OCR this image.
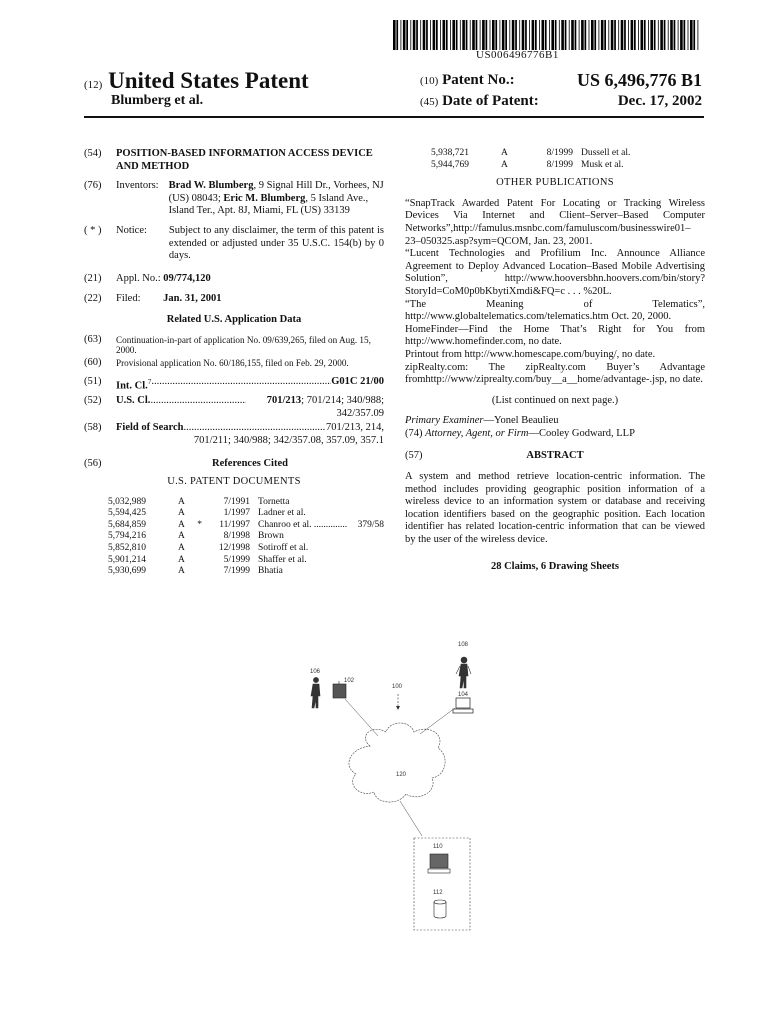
US006496776B1
(12) United States Patent
Blumberg et al.
(10) Patent No.:	US 6,496,776 B1
(45) Date of Patent:	Dec. 17, 2002
(54) POSITION-BASED INFORMATION ACCESS DEVICE AND METHOD
(76) Inventors: Brad W. Blumberg, 9 Signal Hill Dr., Vorhees, NJ (US) 08043; Eric M. Blumberg, 5 Island Ave., Island Ter., Apt. 8J, Miami, FL (US) 33139
( * ) Notice: Subject to any disclaimer, the term of this patent is extended or adjusted under 35 U.S.C. 154(b) by 0 days.
(21) Appl. No.: 09/774,120
(22) Filed: Jan. 31, 2001
Related U.S. Application Data
(63) Continuation-in-part of application No. 09/639,265, filed on Aug. 15, 2000.
(60) Provisional application No. 60/186,155, filed on Feb. 29, 2000.
(51) Int. Cl.$^7$ .....	G01C 21/00
(52) U.S. Cl. .....	701/213; 701/214; 340/988; 342/357.09
(58) Field of Search .....	701/213, 214,
701/211; 340/988; 342/357.08, 357.09, 357.1
(56)	References Cited
U.S. PATENT DOCUMENTS
5,032,989	A	7/1991 Tornetta
5,594,425	A	1/1997 Ladner et al.
5,684,859	A	*	11/1997 Chanroo et al. ..............	379/58
5,794,216	A	8/1998 Brown
5,852,810	A	12/1998 Sotiroff et al.
5,901,214	A	5/1999 Shaffer et al.
5,930,699	A	7/1999 Bhatia
5,938,721	A	8/1999 Dussell et al.
5,944,769	A	8/1999 Musk et al.
OTHER PUBLICATIONS
“SnapTrack Awarded Patent For Locating or Tracking Wireless Devices Via Internet and Client–Server–Based Computer Networks”,http://famulus.msnbc.com/famuluscom/businesswire01–23–050325.asp?sym=QCOM, Jan. 23, 2001.
“Lucent Technologies and Profilium Inc. Announce Alliance Agreement to Deploy Advanced Location–Based Mobile Advertising Solution”, http://www.hooversbhn.hoovers.com/bin/story?StoryId=CoM0p0bKbytiXmdi&FQ=c . . . %20L.
“The Meaning of Telematics”, http://www.globaltelematics.com/telematics.htm Oct. 20, 2000.
HomeFinder—Find the Home That’s Right for You from http://www.homefinder.com, no date.
Printout from http://www.homescape.com/buying/, no date.
zipRealty.com: The zipRealty.com Buyer’s Advantage fromhttp://www/ziprealty.com/buy__a__home/advantage-.jsp, no date.
(List continued on next page.)
Primary Examiner—Yonel Beaulieu
(74) Attorney, Agent, or Firm—Cooley Godward, LLP
(57)	ABSTRACT
A system and method retrieve location-centric information. The method includes providing geographic position information of a wireless device to an information system or database and receiving location identifiers based on the geographic position. Each location identifier has related location-centric information that can be viewed by the user of the wireless device.
28 Claims, 6 Drawing Sheets
108
106
102
100
104
120
110
112
